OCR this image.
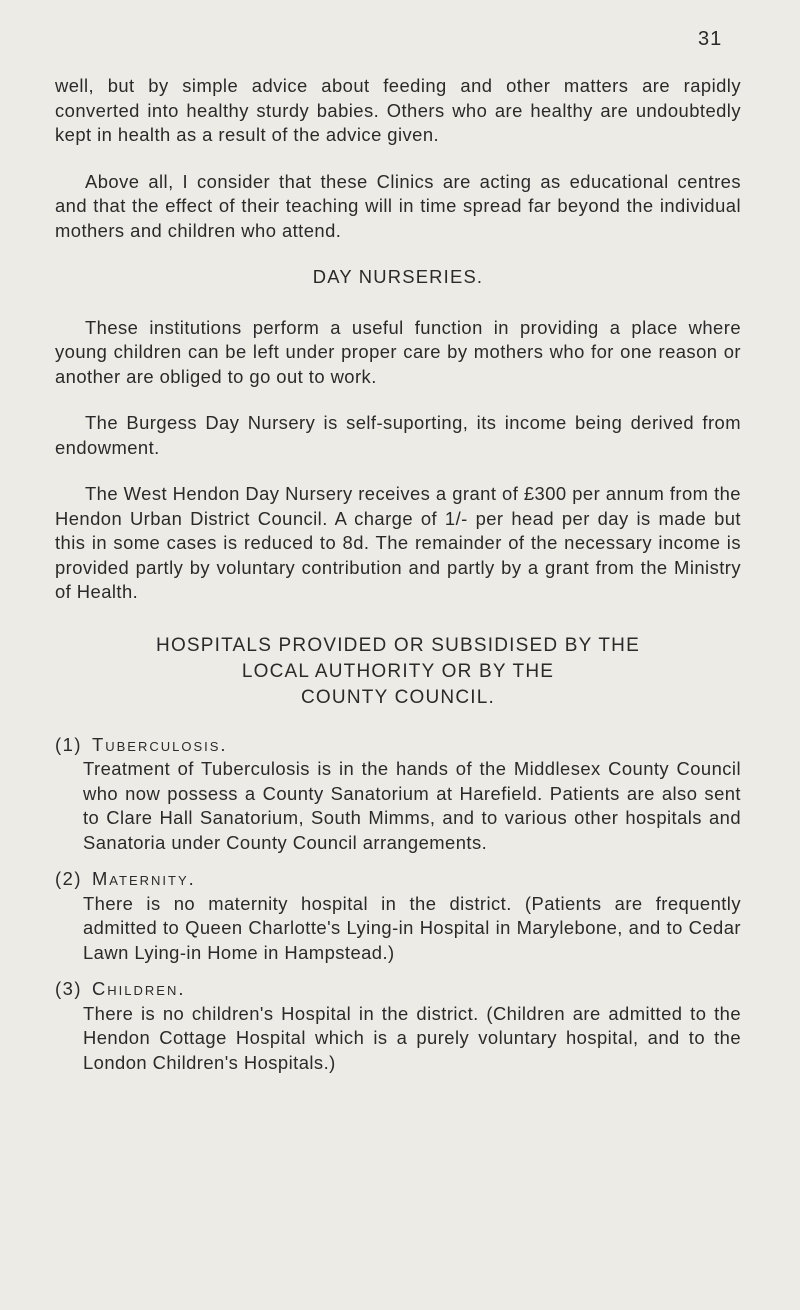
31

well, but by simple advice about feeding and other matters are rapidly converted into healthy sturdy babies. Others who are healthy are undoubtedly kept in health as a result of the advice given.

Above all, I consider that these Clinics are acting as educational centres and that the effect of their teaching will in time spread far beyond the individual mothers and children who attend.

DAY NURSERIES.

These institutions perform a useful function in providing a place where young children can be left under proper care by mothers who for one reason or another are obliged to go out to work.

The Burgess Day Nursery is self-suporting, its income being derived from endowment.

The West Hendon Day Nursery receives a grant of £300 per annum from the Hendon Urban District Council. A charge of 1/- per head per day is made but this in some cases is reduced to 8d. The remainder of the necessary income is provided partly by voluntary contribution and partly by a grant from the Ministry of Health.

HOSPITALS PROVIDED OR SUBSIDISED BY THE
LOCAL AUTHORITY OR BY THE
COUNTY COUNCIL.
(1) Tuberculosis.

Treatment of Tuberculosis is in the hands of the Middlesex County Council who now possess a County Sanatorium at Harefield. Patients are also sent to Clare Hall Sanatorium, South Mimms, and to various other hospitals and Sanatoria under County Council arrangements.

(2) Maternity.

There is no maternity hospital in the district. (Patients are frequently admitted to Queen Charlotte's Lying-in Hospital in Marylebone, and to Cedar Lawn Lying-in Home in Hampstead.)

(3) Children.

There is no children's Hospital in the district. (Children are admitted to the Hendon Cottage Hospital which is a purely voluntary hospital, and to the London Children's Hospitals.)
